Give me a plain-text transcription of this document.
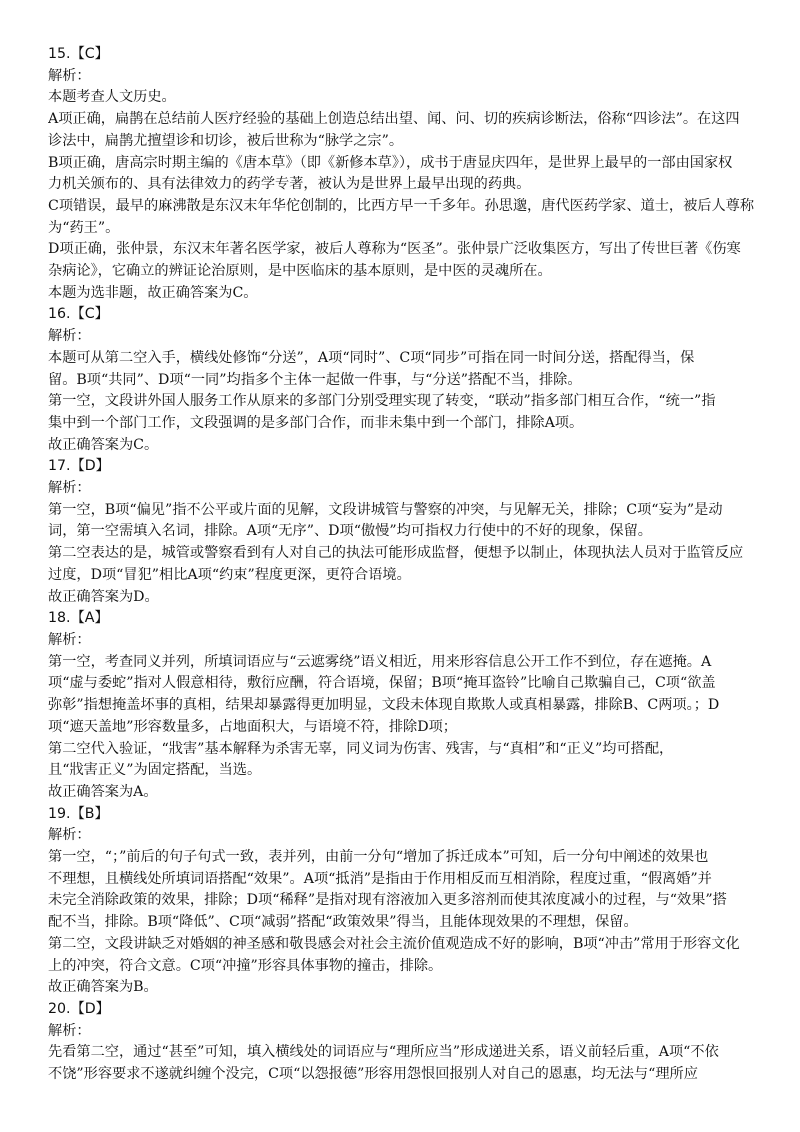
15.【C】
解析：
本题考查人文历史。
A项正确，扁鹊在总结前人医疗经验的基础上创造总结出望、闻、问、切的疾病诊断法，俗称“四诊法”。在这四
诊法中，扁鹊尤擅望诊和切诊，被后世称为“脉学之宗”。
B项正确，唐高宗时期主编的《唐本草》（即《新修本草》），成书于唐显庆四年，是世界上最早的一部由国家权
力机关颁布的、具有法律效力的药学专著，被认为是世界上最早出现的药典。
C项错误，最早的麻沸散是东汉末年华佗创制的，比西方早一千多年。孙思邈，唐代医药学家、道士，被后人尊称
为“药王”。
D项正确，张仲景，东汉末年著名医学家，被后人尊称为“医圣”。张仲景广泛收集医方，写出了传世巨著《伤寒
杂病论》，它确立的辨证论治原则，是中医临床的基本原则，是中医的灵魂所在。
本题为选非题，故正确答案为C。
16.【C】
解析：
本题可从第二空入手，横线处修饰“分送”，A项“同时”、C项“同步”可指在同一时间分送，搭配得当，保
留。B项“共同”、D项“一同”均指多个主体一起做一件事，与“分送”搭配不当，排除。
第一空，文段讲外国人服务工作从原来的多部门分别受理实现了转变，“联动”指多部门相互合作，“统一”指
集中到一个部门工作，文段强调的是多部门合作，而非未集中到一个部门，排除A项。
故正确答案为C。
17.【D】
解析：
第一空，B项“偏见”指不公平或片面的见解，文段讲城管与警察的冲突，与见解无关，排除；C项“妄为”是动
词，第一空需填入名词，排除。A项“无序”、D项“傲慢”均可指权力行使中的不好的现象，保留。
第二空表达的是，城管或警察看到有人对自己的执法可能形成监督，便想予以制止，体现执法人员对于监管反应
过度，D项“冒犯”相比A项“约束”程度更深，更符合语境。
故正确答案为D。
18.【A】
解析：
第一空，考查同义并列，所填词语应与“云遮雾绕”语义相近，用来形容信息公开工作不到位，存在遮掩。A
项“虚与委蛇”指对人假意相待，敷衍应酬，符合语境，保留；B项“掩耳盗铃”比喻自己欺骗自己，C项“欲盖
弥彰”指想掩盖坏事的真相，结果却暴露得更加明显，文段未体现自欺欺人或真相暴露，排除B、C两项。；D
项“遮天盖地”形容数量多，占地面积大，与语境不符，排除D项；
第二空代入验证，“戕害”基本解释为杀害无辜，同义词为伤害、残害，与“真相”和“正义”均可搭配，
且“戕害正义”为固定搭配，当选。
故正确答案为A。
19.【B】
解析：
第一空，“；”前后的句子句式一致，表并列，由前一分句“增加了拆迁成本”可知，后一分句中阐述的效果也
不理想，且横线处所填词语搭配“效果”。A项“抵消”是指由于作用相反而互相消除，程度过重，“假离婚”并
未完全消除政策的效果，排除；D项“稀释”是指对现有溶液加入更多溶剂而使其浓度减小的过程，与“效果”搭
配不当，排除。B项“降低”、C项“减弱”搭配“政策效果”得当，且能体现效果的不理想，保留。
第二空，文段讲缺乏对婚姻的神圣感和敬畏感会对社会主流价值观造成不好的影响，B项“冲击”常用于形容文化
上的冲突，符合文意。C项“冲撞”形容具体事物的撞击，排除。
故正确答案为B。
20.【D】
解析：
先看第二空，通过“甚至”可知，填入横线处的词语应与“理所应当”形成递进关系，语义前轻后重，A项“不依
不饶”形容要求不遂就纠缠个没完，C项“以怨报德”形容用怨恨回报别人对自己的恩惠，均无法与“理所应
